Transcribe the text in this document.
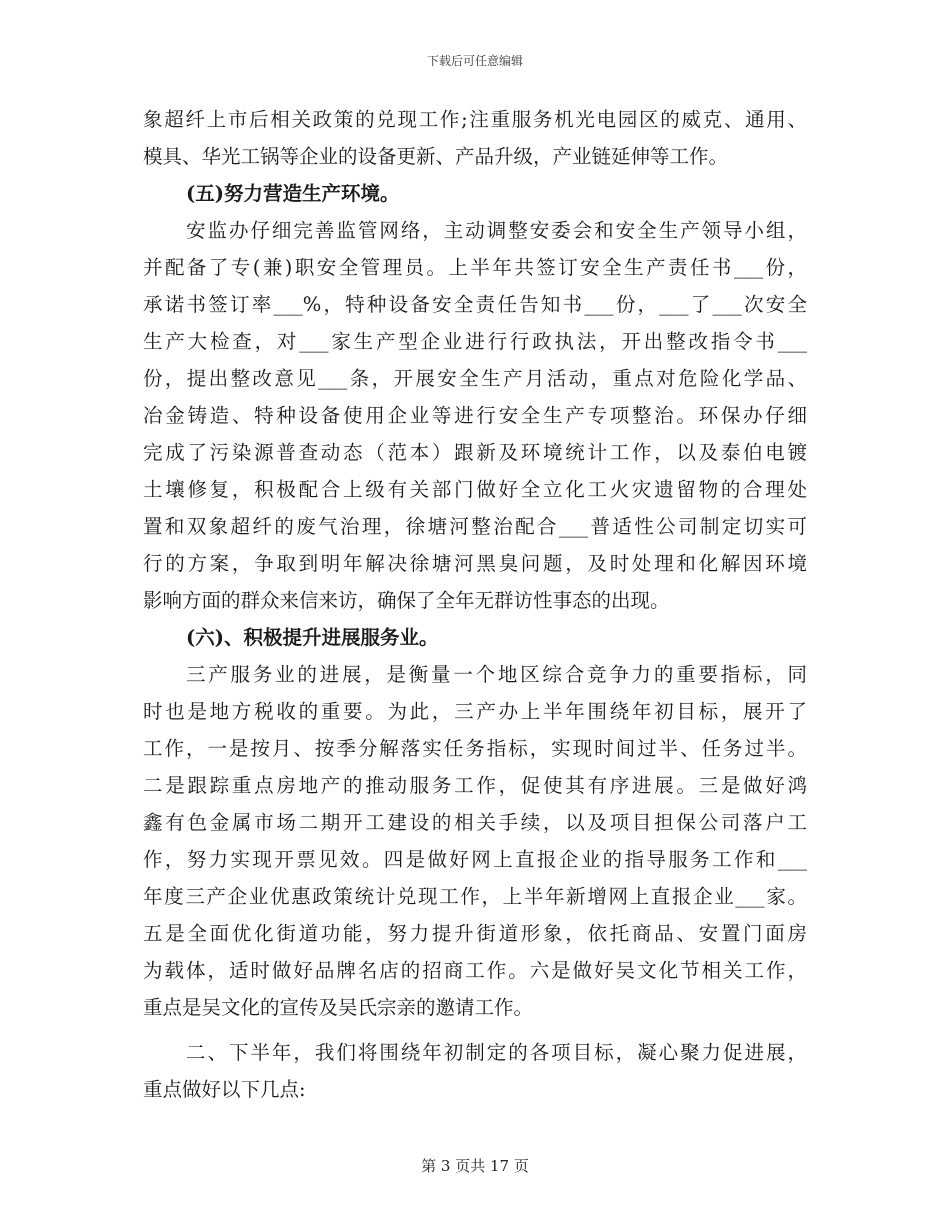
下载后可任意编辑
象超纤上市后相关政策的兑现工作;注重服务机光电园区的威克、通用、
模具、华光工锅等企业的设备更新、产品升级，产业链延伸等工作。
(五)努力营造生产环境。
安监办仔细完善监管网络，主动调整安委会和安全生产领导小组，
并配备了专(兼)职安全管理员。上半年共签订安全生产责任书___份，
承诺书签订率___%，特种设备安全责任告知书___份，___了___次安全
生产大检查，对___家生产型企业进行行政执法，开出整改指令书___
份，提出整改意见___条，开展安全生产月活动，重点对危险化学品、
冶金铸造、特种设备使用企业等进行安全生产专项整治。环保办仔细
完成了污染源普查动态（范本）跟新及环境统计工作，以及泰伯电镀
土壤修复，积极配合上级有关部门做好全立化工火灾遗留物的合理处
置和双象超纤的废气治理，徐塘河整治配合___普适性公司制定切实可
行的方案，争取到明年解决徐塘河黑臭问题，及时处理和化解因环境
影响方面的群众来信来访，确保了全年无群访性事态的出现。
(六)、积极提升进展服务业。
三产服务业的进展，是衡量一个地区综合竞争力的重要指标，同
时也是地方税收的重要。为此，三产办上半年围绕年初目标，展开了
工作，一是按月、按季分解落实任务指标，实现时间过半、任务过半。
二是跟踪重点房地产的推动服务工作，促使其有序进展。三是做好鸿
鑫有色金属市场二期开工建设的相关手续，以及项目担保公司落户工
作，努力实现开票见效。四是做好网上直报企业的指导服务工作和___
年度三产企业优惠政策统计兑现工作，上半年新增网上直报企业___家。
五是全面优化街道功能，努力提升街道形象，依托商品、安置门面房
为载体，适时做好品牌名店的招商工作。六是做好吴文化节相关工作，
重点是吴文化的宣传及吴氏宗亲的邀请工作。
二、下半年，我们将围绕年初制定的各项目标，凝心聚力促进展，
重点做好以下几点:
第 3 页共 17 页
